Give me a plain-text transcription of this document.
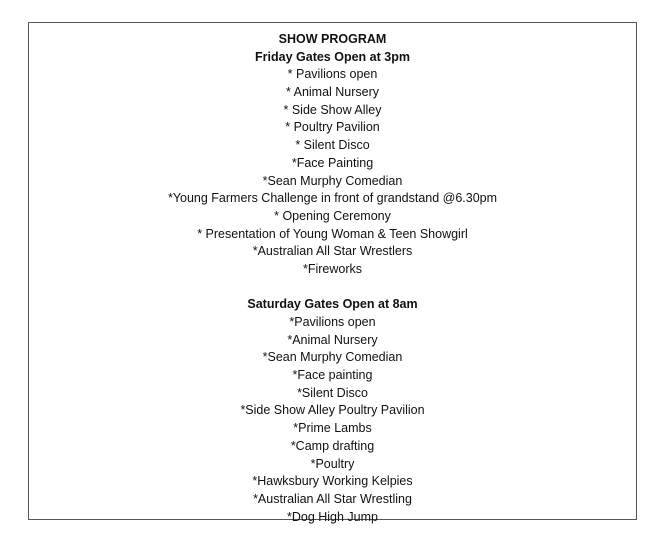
SHOW PROGRAM
Friday Gates Open at 3pm
* Pavilions open
* Animal Nursery
* Side Show Alley
* Poultry Pavilion
* Silent Disco
*Face Painting
*Sean Murphy Comedian
*Young Farmers Challenge in front of grandstand @6.30pm
* Opening Ceremony
* Presentation of Young Woman & Teen Showgirl
*Australian All Star Wrestlers
*Fireworks
Saturday Gates Open at 8am
*Pavilions open
*Animal Nursery
*Sean Murphy Comedian
*Face painting
*Silent Disco
*Side Show Alley Poultry Pavilion
*Prime Lambs
*Camp drafting
*Poultry
*Hawksbury Working Kelpies
*Australian All Star Wrestling
*Dog High Jump
